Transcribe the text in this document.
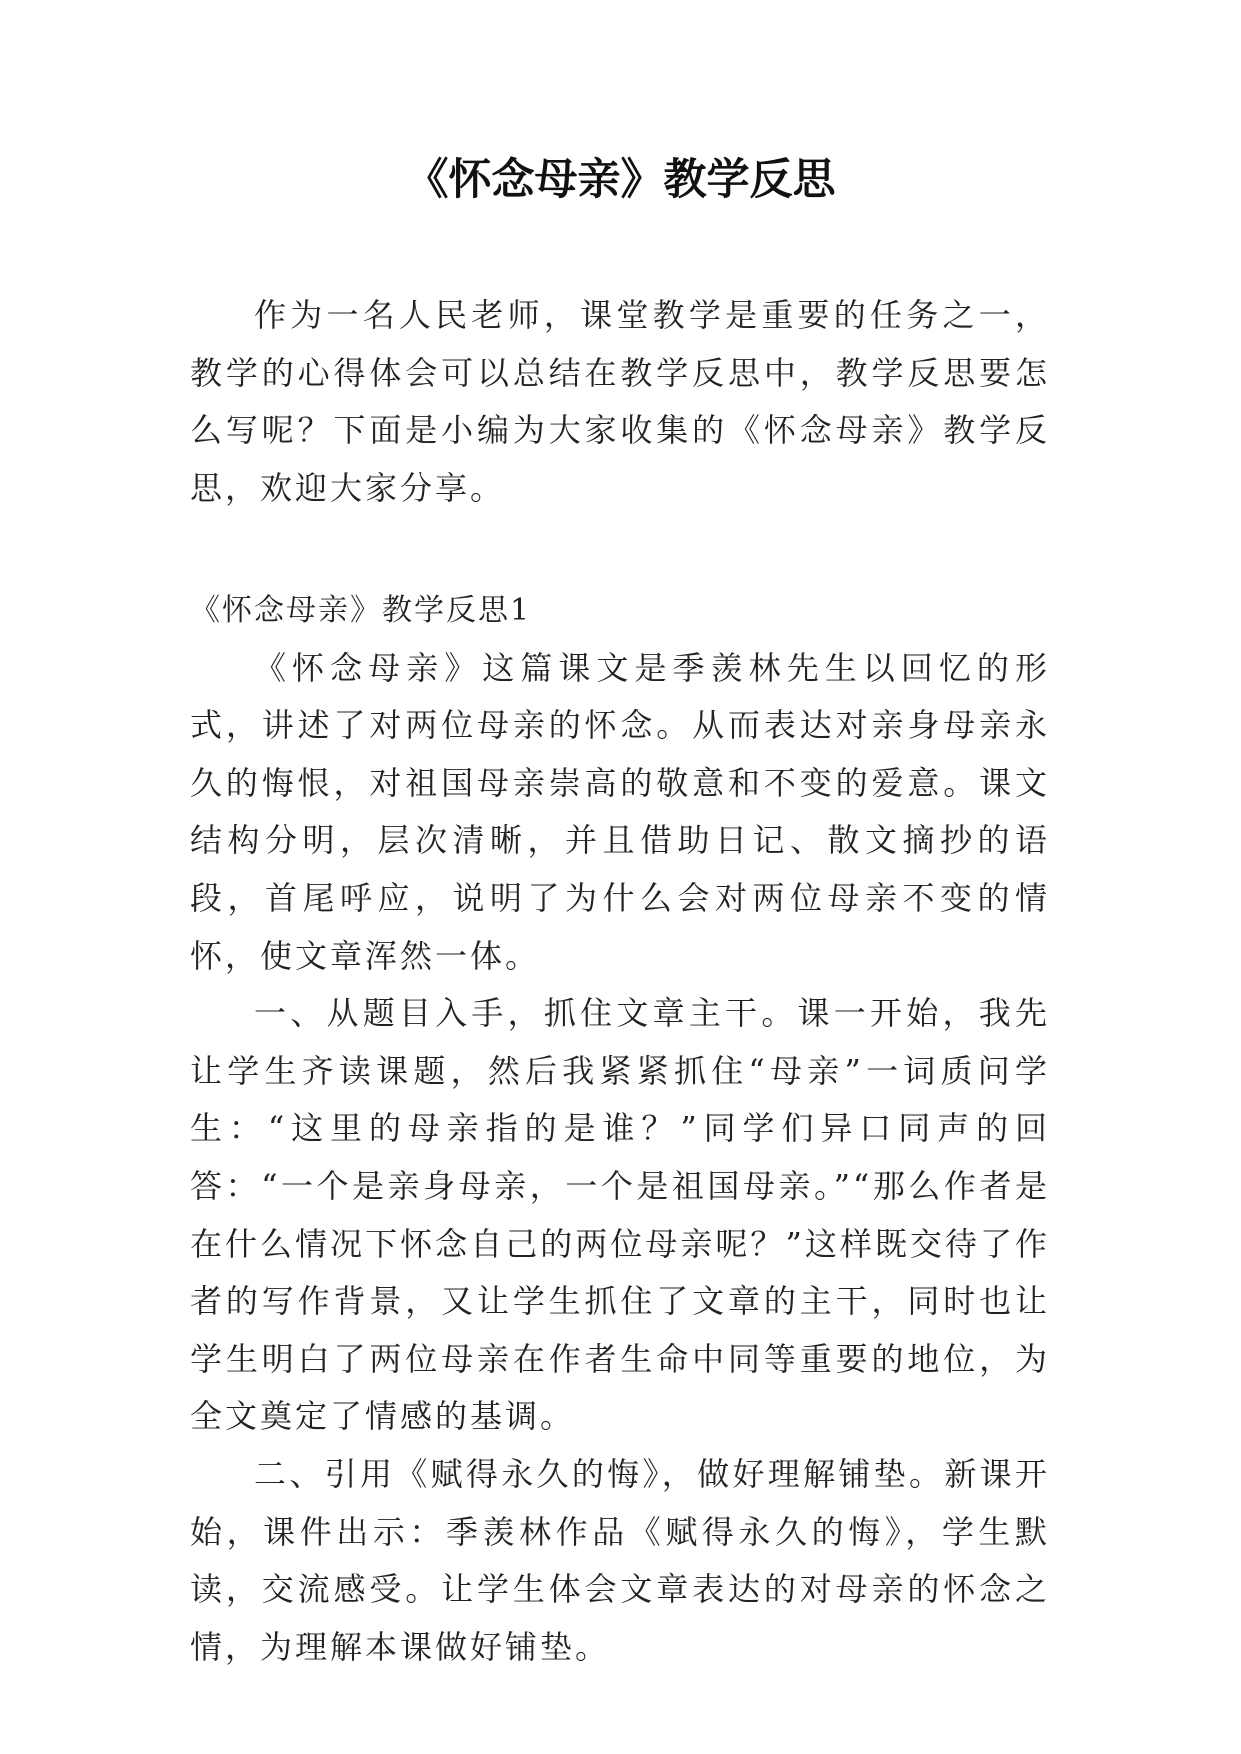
《怀念母亲》教学反思

作为一名人民老师，课堂教学是重要的任务之一，教学的心得体会可以总结在教学反思中，教学反思要怎么写呢？下面是小编为大家收集的《怀念母亲》教学反思，欢迎大家分享。

《怀念母亲》教学反思1

《怀念母亲》这篇课文是季羡林先生以回忆的形式，讲述了对两位母亲的怀念。从而表达对亲身母亲永久的悔恨，对祖国母亲崇高的敬意和不变的爱意。课文结构分明，层次清晰，并且借助日记、散文摘抄的语段，首尾呼应，说明了为什么会对两位母亲不变的情怀，使文章浑然一体。

一、从题目入手，抓住文章主干。课一开始，我先让学生齐读课题，然后我紧紧抓住“母亲”一词质问学生：“这里的母亲指的是谁？”同学们异口同声的回答：“一个是亲身母亲，一个是祖国母亲。”“那么作者是在什么情况下怀念自己的两位母亲呢？”这样既交待了作者的写作背景，又让学生抓住了文章的主干，同时也让学生明白了两位母亲在作者生命中同等重要的地位，为全文奠定了情感的基调。

二、引用《赋得永久的悔》，做好理解铺垫。新课开始，课件出示：季羡林作品《赋得永久的悔》，学生默读，交流感受。让学生体会文章表达的对母亲的怀念之情，为理解本课做好铺垫。
